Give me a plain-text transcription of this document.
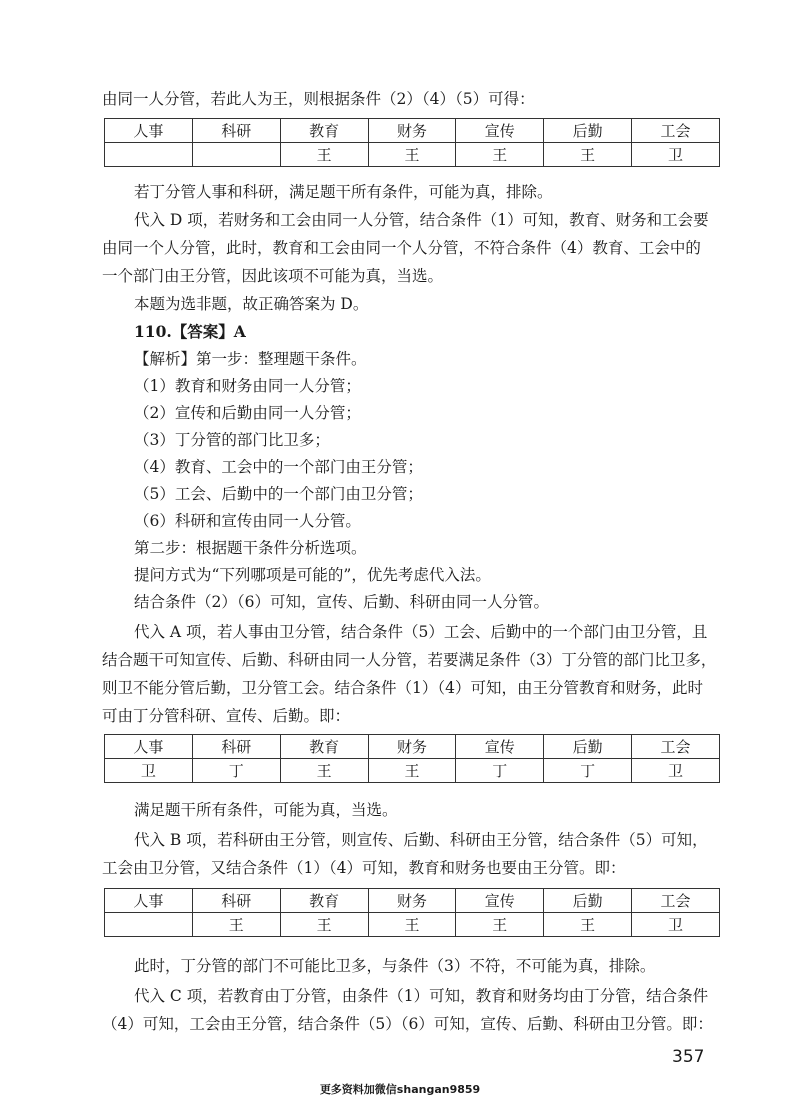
由同一人分管，若此人为王，则根据条件（2）（4）（5）可得：
人事	科研	教育	财务	宣传	后勤	工会
		王	王	王	王	卫
若丁分管人事和科研，满足题干所有条件，可能为真，排除。
代入 D 项，若财务和工会由同一人分管，结合条件（1）可知，教育、财务和工会要
由同一个人分管，此时，教育和工会由同一个人分管，不符合条件（4）教育、工会中的
一个部门由王分管，因此该项不可能为真，当选。
本题为选非题，故正确答案为 D。
110.【答案】A
【解析】第一步：整理题干条件。
（1）教育和财务由同一人分管；
（2）宣传和后勤由同一人分管；
（3）丁分管的部门比卫多；
（4）教育、工会中的一个部门由王分管；
（5）工会、后勤中的一个部门由卫分管；
（6）科研和宣传由同一人分管。
第二步：根据题干条件分析选项。
提问方式为“下列哪项是可能的”，优先考虑代入法。
结合条件（2）（6）可知，宣传、后勤、科研由同一人分管。
代入 A 项，若人事由卫分管，结合条件（5）工会、后勤中的一个部门由卫分管，且
结合题干可知宣传、后勤、科研由同一人分管，若要满足条件（3）丁分管的部门比卫多，
则卫不能分管后勤，卫分管工会。结合条件（1）（4）可知，由王分管教育和财务，此时
可由丁分管科研、宣传、后勤。即：
人事	科研	教育	财务	宣传	后勤	工会
卫	丁	王	王	丁	丁	卫
满足题干所有条件，可能为真，当选。
代入 B 项，若科研由王分管，则宣传、后勤、科研由王分管，结合条件（5）可知，
工会由卫分管，又结合条件（1）（4）可知，教育和财务也要由王分管。即：
人事	科研	教育	财务	宣传	后勤	工会
	王	王	王	王	王	卫
此时，丁分管的部门不可能比卫多，与条件（3）不符，不可能为真，排除。
代入 C 项，若教育由丁分管，由条件（1）可知，教育和财务均由丁分管，结合条件
（4）可知，工会由王分管，结合条件（5）（6）可知，宣传、后勤、科研由卫分管。即：
357
更多资料加微信shangan9859
